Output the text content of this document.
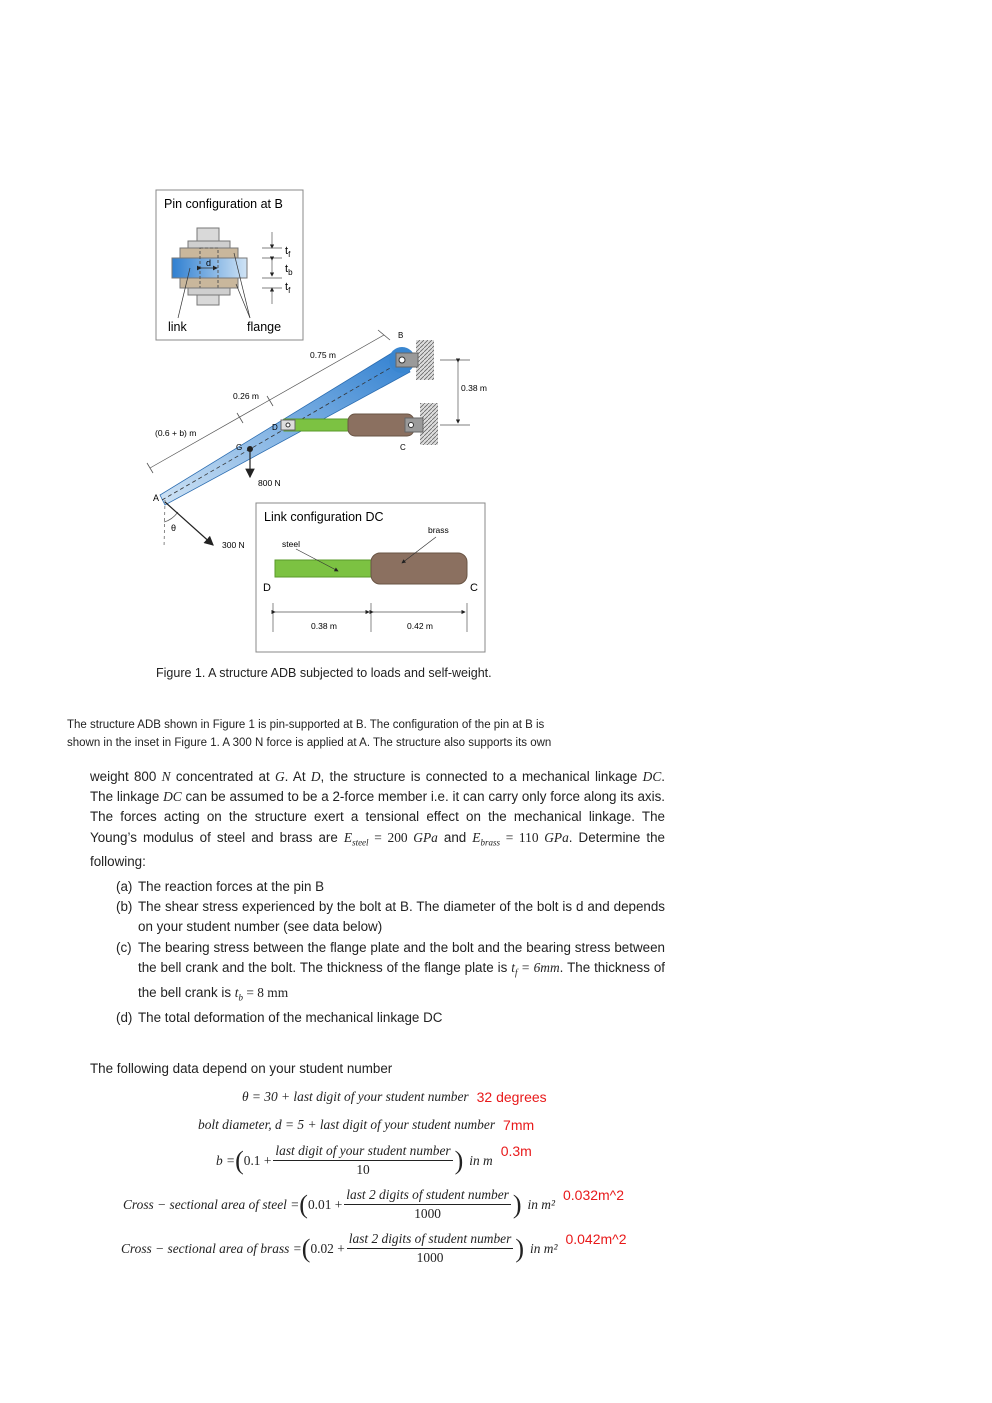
Pin configuration at B
d
$t_f$
$t_b$
$t_f$
link	flange
0.38 m
0.75 m
0.26 m
(0.6 + b) m
B
C
D
G
A
800 N
θ
300 N
Link configuration DC
brass
steel
D	C
0.38 m	0.42 m
Figure 1. A structure ADB subjected to loads and self-weight.
The structure ADB shown in Figure 1 is pin-supported at B. The configuration of the pin at B is
shown in the inset in Figure 1. A 300 N force is applied at A. The structure also supports its own

weight 800 N concentrated at G. At D, the structure is connected to a mechanical linkage DC. The linkage DC can be assumed to be a 2-force member i.e. it can carry only force along its axis. The forces acting on the structure exert a tensional effect on the mechanical linkage. The Young’s modulus of steel and brass are $E_{steel} = 200$ GPa and $E_{brass} = 110$ GPa. Determine the following:

(a) The reaction forces at the pin B
(b) The shear stress experienced by the bolt at B. The diameter of the bolt is d and depends on your student number (see data below)
(c) The bearing stress between the flange plate and the bolt and the bearing stress between the bell crank and the bolt. The thickness of the flange plate is $t_f = 6mm$. The thickness of the bell crank is $t_b = 8$ mm
(d) The total deformation of the mechanical linkage DC
The following data depend on your student number
θ = 30 + last digit of your student number 32 degrees
bolt diameter, d = 5 + last digit of your student number 7mm
b = ( $0.1 + \frac{\text{last digit of your student number}}{10}$ ) in m
0.3m
Cross − sectional area of steel = ( $0.01 + \frac{\text{last 2 digits of student number}}{1000}$ ) in m²
0.032m^2
Cross − sectional area of brass = ( $0.02 + \frac{\text{last 2 digits of student number}}{1000}$ ) in m²
0.042m^2
